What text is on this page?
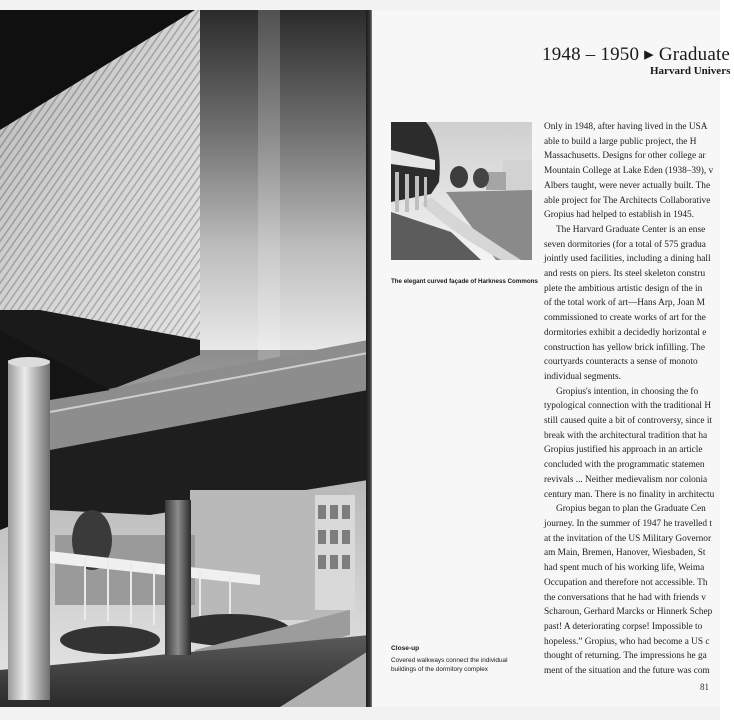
1948 – 1950 ▸ Graduate
Harvard Univers
The elegant curved façade of Harkness Commons
Close-up
Covered walkways connect the individual buildings of the dormitory complex
Only in 1948, after having lived in the USA
able to build a large public project, the H
Massachusetts. Designs for other college ar
Mountain College at Lake Eden (1938–39), v
Albers taught, were never actually built. The
able project for The Architects Collaborative
Gropius had helped to establish in 1945.
The Harvard Graduate Center is an ense
seven dormitories (for a total of 575 gradua
jointly used facilities, including a dining hall
and rests on piers. Its steel skeleton constru
plete the ambitious artistic design of the in
of the total work of art—Hans Arp, Joan M
commissioned to create works of art for the
dormitories exhibit a decidedly horizontal e
construction has yellow brick infilling. The
courtyards counteracts a sense of monoto
individual segments.
Gropius's intention, in choosing the fo
typological connection with the traditional H
still caused quite a bit of controversy, since it
break with the architectural tradition that ha
Gropius justified his approach in an article
concluded with the programmatic statemen
revivals ... Neither medievalism nor colonia
century man. There is no finality in architectu
Gropius began to plan the Graduate Cen
journey. In the summer of 1947 he travelled t
at the invitation of the US Military Governor
am Main, Bremen, Hanover, Wiesbaden, St
had spent much of his working life, Weima
Occupation and therefore not accessible. Th
the conversations that he had with friends v
Scharoun, Gerhard Marcks or Hinnerk Schep
past! A deteriorating corpse! Impossible to
hopeless.” Gropius, who had become a US c
thought of returning. The impressions he ga
ment of the situation and the future was com
81
